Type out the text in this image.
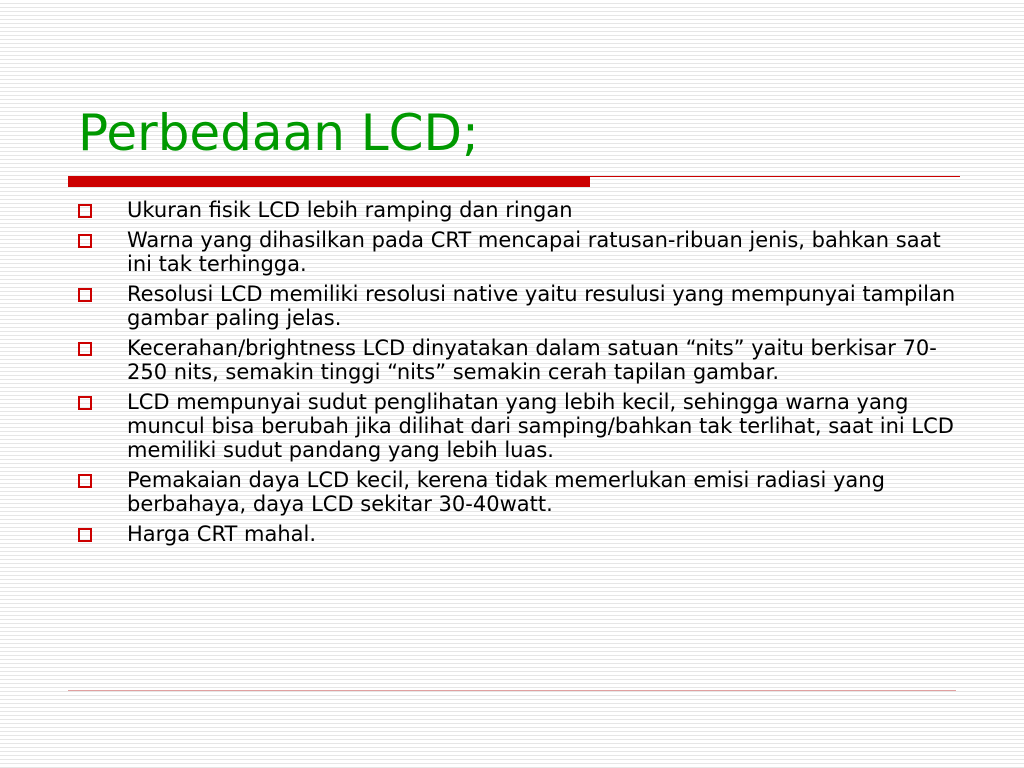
Perbedaan LCD;
Ukuran fisik LCD lebih ramping dan ringan
Warna yang dihasilkan pada CRT mencapai ratusan-ribuan jenis, bahkan saat ini tak terhingga.
Resolusi LCD memiliki resolusi native yaitu resulusi yang mempunyai tampilan gambar paling jelas.
Kecerahan/brightness LCD dinyatakan dalam satuan “nits” yaitu berkisar 70-250 nits, semakin tinggi “nits” semakin cerah tapilan gambar.
LCD mempunyai sudut penglihatan yang lebih kecil, sehingga warna yang muncul bisa berubah jika dilihat dari samping/bahkan tak terlihat, saat ini LCD memiliki sudut pandang yang lebih luas.
Pemakaian daya LCD kecil, kerena tidak memerlukan emisi radiasi yang berbahaya, daya LCD sekitar 30-40watt.
Harga CRT mahal.
